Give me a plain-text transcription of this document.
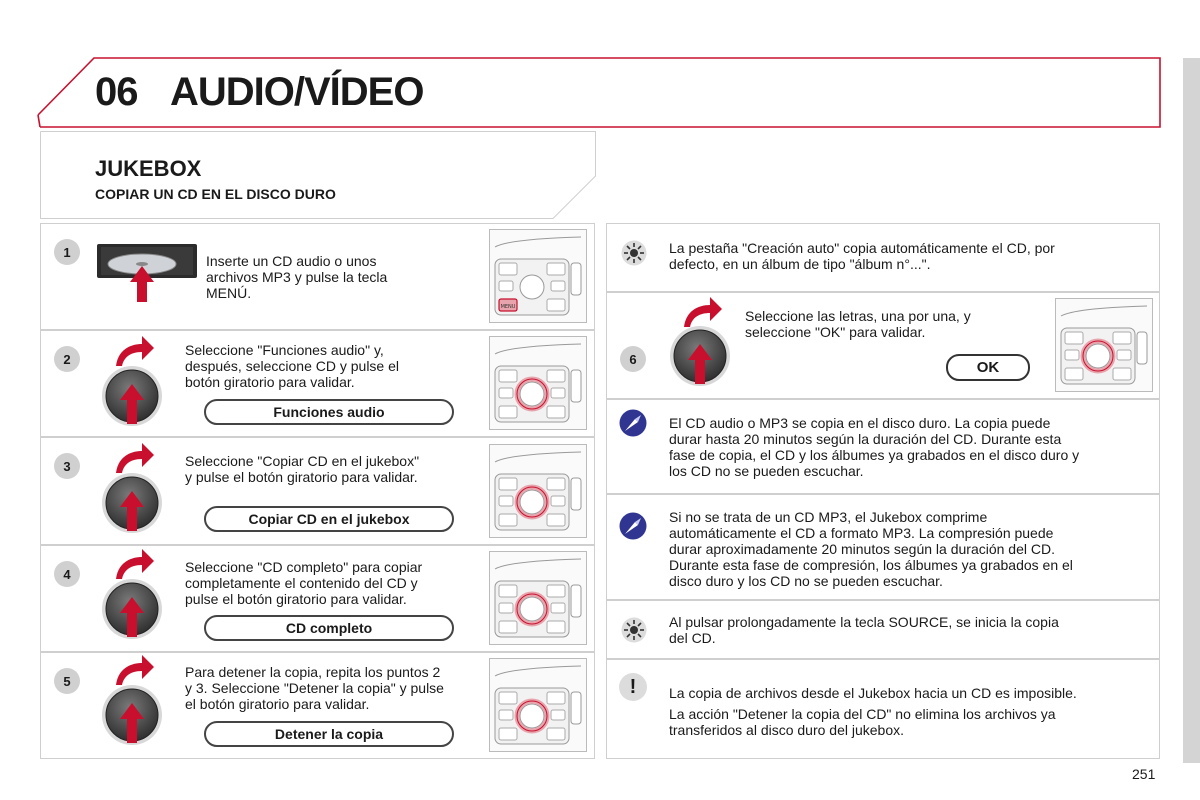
06 AUDIO/VÍDEO
JUKEBOX
COPIAR UN CD EN EL DISCO DURO
1
Inserte un CD audio o unos
archivos MP3 y pulse la tecla
MENÚ.
2
Seleccione "Funciones audio" y,
después, seleccione CD y pulse el
botón giratorio para validar.
Funciones audio
3	Seleccione "Copiar CD en el jukebox"
y pulse el botón giratorio para validar.
Copiar CD en el jukebox
4	Seleccione "CD completo" para copiar
completamente el contenido del CD y
pulse el botón giratorio para validar.
CD completo
5
Para detener la copia, repita los puntos 2
y 3. Seleccione "Detener la copia" y pulse
el botón giratorio para validar.
Detener la copia
MENU
La pestaña "Creación auto" copia automáticamente el CD, por
defecto, en un álbum de tipo "álbum n°...".
6
Seleccione las letras, una por una, y
seleccione "OK" para validar.
OK
El CD audio o MP3 se copia en el disco duro. La copia puede
durar hasta 20 minutos según la duración del CD. Durante esta
fase de copia, el CD y los álbumes ya grabados en el disco duro y
los CD no se pueden escuchar.
Si no se trata de un CD MP3, el Jukebox comprime
automáticamente el CD a formato MP3. La compresión puede
durar aproximadamente 20 minutos según la duración del CD.
Durante esta fase de compresión, los álbumes ya grabados en el
disco duro y los CD no se pueden escuchar.
Al pulsar prolongadamente la tecla SOURCE, se inicia la copia
del CD.
!	La copia de archivos desde el Jukebox hacia un CD es imposible.
La acción "Detener la copia del CD" no elimina los archivos ya
transferidos al disco duro del jukebox.
251
